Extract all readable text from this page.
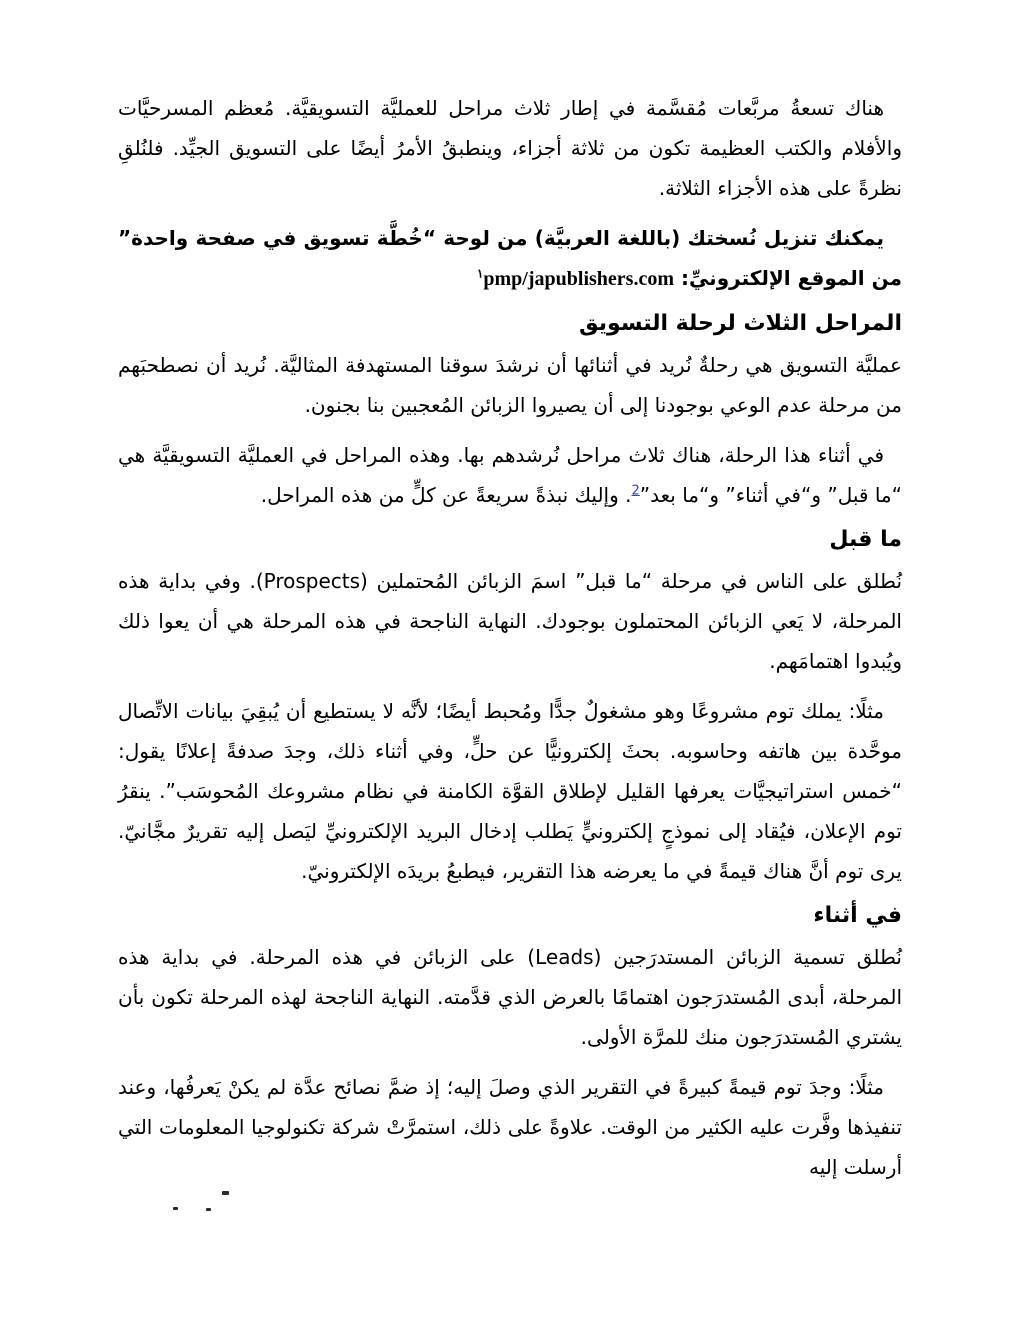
هناك تسعةُ مربَّعات مُقسَّمة في إطار ثلاث مراحل للعمليَّة التسويقيَّة. مُعظم المسرحيَّات والأفلام والكتب العظيمة تكون من ثلاثة أجزاء، وينطبقُ الأمرُ أيضًا على التسويق الجيِّد. فلنُلقِ نظرةً على هذه الأجزاء الثلاثة.

يمكنك تنزيل نُسختك (باللغة العربيَّة) من لوحة “خُطَّة تسويق في صفحة واحدة” من الموقع الإلكترونيِّ: $^١$pmp/japublishers.com

المراحل الثلاث لرحلة التسويق

عمليَّة التسويق هي رحلةٌ نُريد في أثنائها أن نرشدَ سوقنا المستهدفة المثاليَّة. نُريد أن نصطحبَهم من مرحلة عدم الوعي بوجودنا إلى أن يصيروا الزبائن المُعجبين بنا بجنون.

في أثناء هذا الرحلة، هناك ثلاث مراحل نُرشدهم بها. وهذه المراحل في العمليَّة التسويقيَّة هي “ما قبل” و“في أثناء” و“ما بعد”$^2$. وإليك نبذةً سريعةً عن كلٍّ من هذه المراحل.

ما قبل

نُطلق على الناس في مرحلة “ما قبل” اسمَ الزبائن المُحتملين (Prospects). وفي بداية هذه المرحلة، لا يَعي الزبائن المحتملون بوجودك. النهاية الناجحة في هذه المرحلة هي أن يعوا ذلك ويُبدوا اهتمامَهم.

مثلًا: يملك توم مشروعًا وهو مشغولٌ جدًّا ومُحبط أيضًا؛ لأنَّه لا يستطيع أن يُبقِيَ بيانات الاتِّصال موحَّدة بين هاتفه وحاسوبه. بحثَ إلكترونيًّا عن حلٍّ، وفي أثناء ذلك، وجدَ صدفةً إعلانًا يقول: “خمس استراتيجيَّات يعرفها القليل لإطلاق القوَّة الكامنة في نظام مشروعك المُحوسَب”. ينقرُ توم الإعلان، فيُقاد إلى نموذجٍ إلكترونيٍّ يَطلب إدخال البريد الإلكترونيِّ ليَصل إليه تقريرٌ مجَّانيّ. يرى توم أنَّ هناك قيمةً في ما يعرضه هذا التقرير، فيطبعُ بريدَه الإلكترونيّ.

في أثناء

نُطلق تسمية الزبائن المستدرَجين (Leads) على الزبائن في هذه المرحلة. في بداية هذه المرحلة، أبدى المُستدرَجون اهتمامًا بالعرض الذي قدَّمته. النهاية الناجحة لهذه المرحلة تكون بأن يشتري المُستدرَجون منك للمرَّة الأولى.

مثلًا: وجدَ توم قيمةً كبيرةً في التقرير الذي وصلَ إليه؛ إذ ضمَّ نصائح عدَّة لم يكنْ يَعرفُها، وعند تنفيذها وفَّرت عليه الكثير من الوقت. علاوةً على ذلك، استمرَّتْ شركة تكنولوجيا المعلومات التي أرسلت إليه
